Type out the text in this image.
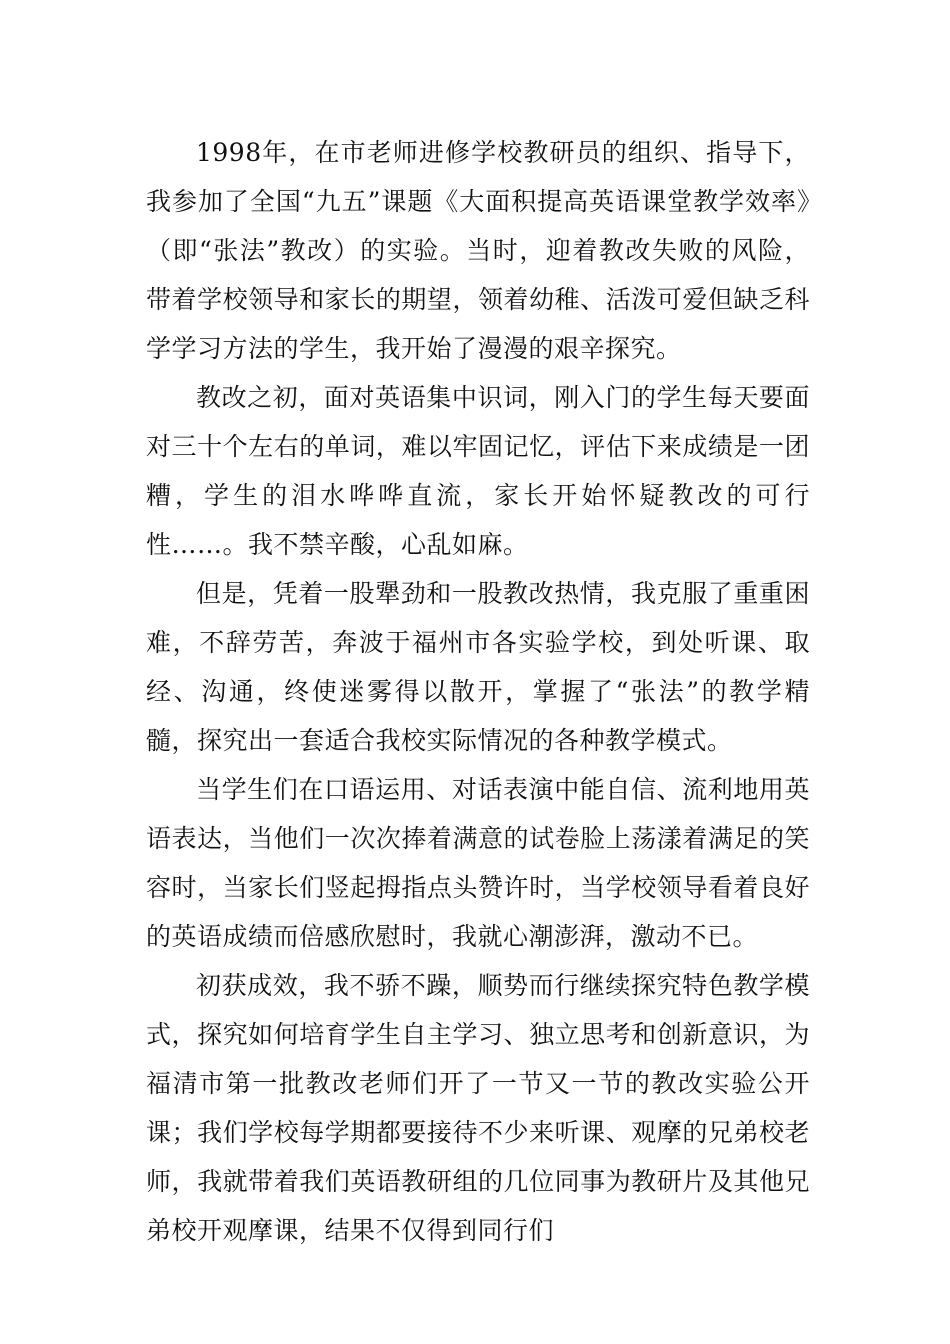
1998年，在市老师进修学校教研员的组织、指导下，我参加了全国“九五”课题《大面积提高英语课堂教学效率》（即“张法”教改）的实验。当时，迎着教改失败的风险，带着学校领导和家长的期望，领着幼稚、活泼可爱但缺乏科学学习方法的学生，我开始了漫漫的艰辛探究。

教改之初，面对英语集中识词，刚入门的学生每天要面对三十个左右的单词，难以牢固记忆，评估下来成绩是一团糟，学生的泪水哗哗直流，家长开始怀疑教改的可行性……。我不禁辛酸，心乱如麻。

但是，凭着一股犟劲和一股教改热情，我克服了重重困难，不辞劳苦，奔波于福州市各实验学校，到处听课、取经、沟通，终使迷雾得以散开，掌握了“张法”的教学精髓，探究出一套适合我校实际情况的各种教学模式。

当学生们在口语运用、对话表演中能自信、流利地用英语表达，当他们一次次捧着满意的试卷脸上荡漾着满足的笑容时，当家长们竖起拇指点头赞许时，当学校领导看着良好的英语成绩而倍感欣慰时，我就心潮澎湃，激动不已。

初获成效，我不骄不躁，顺势而行继续探究特色教学模式，探究如何培育学生自主学习、独立思考和创新意识，为福清市第一批教改老师们开了一节又一节的教改实验公开课；我们学校每学期都要接待不少来听课、观摩的兄弟校老师，我就带着我们英语教研组的几位同事为教研片及其他兄弟校开观摩课，结果不仅得到同行们
